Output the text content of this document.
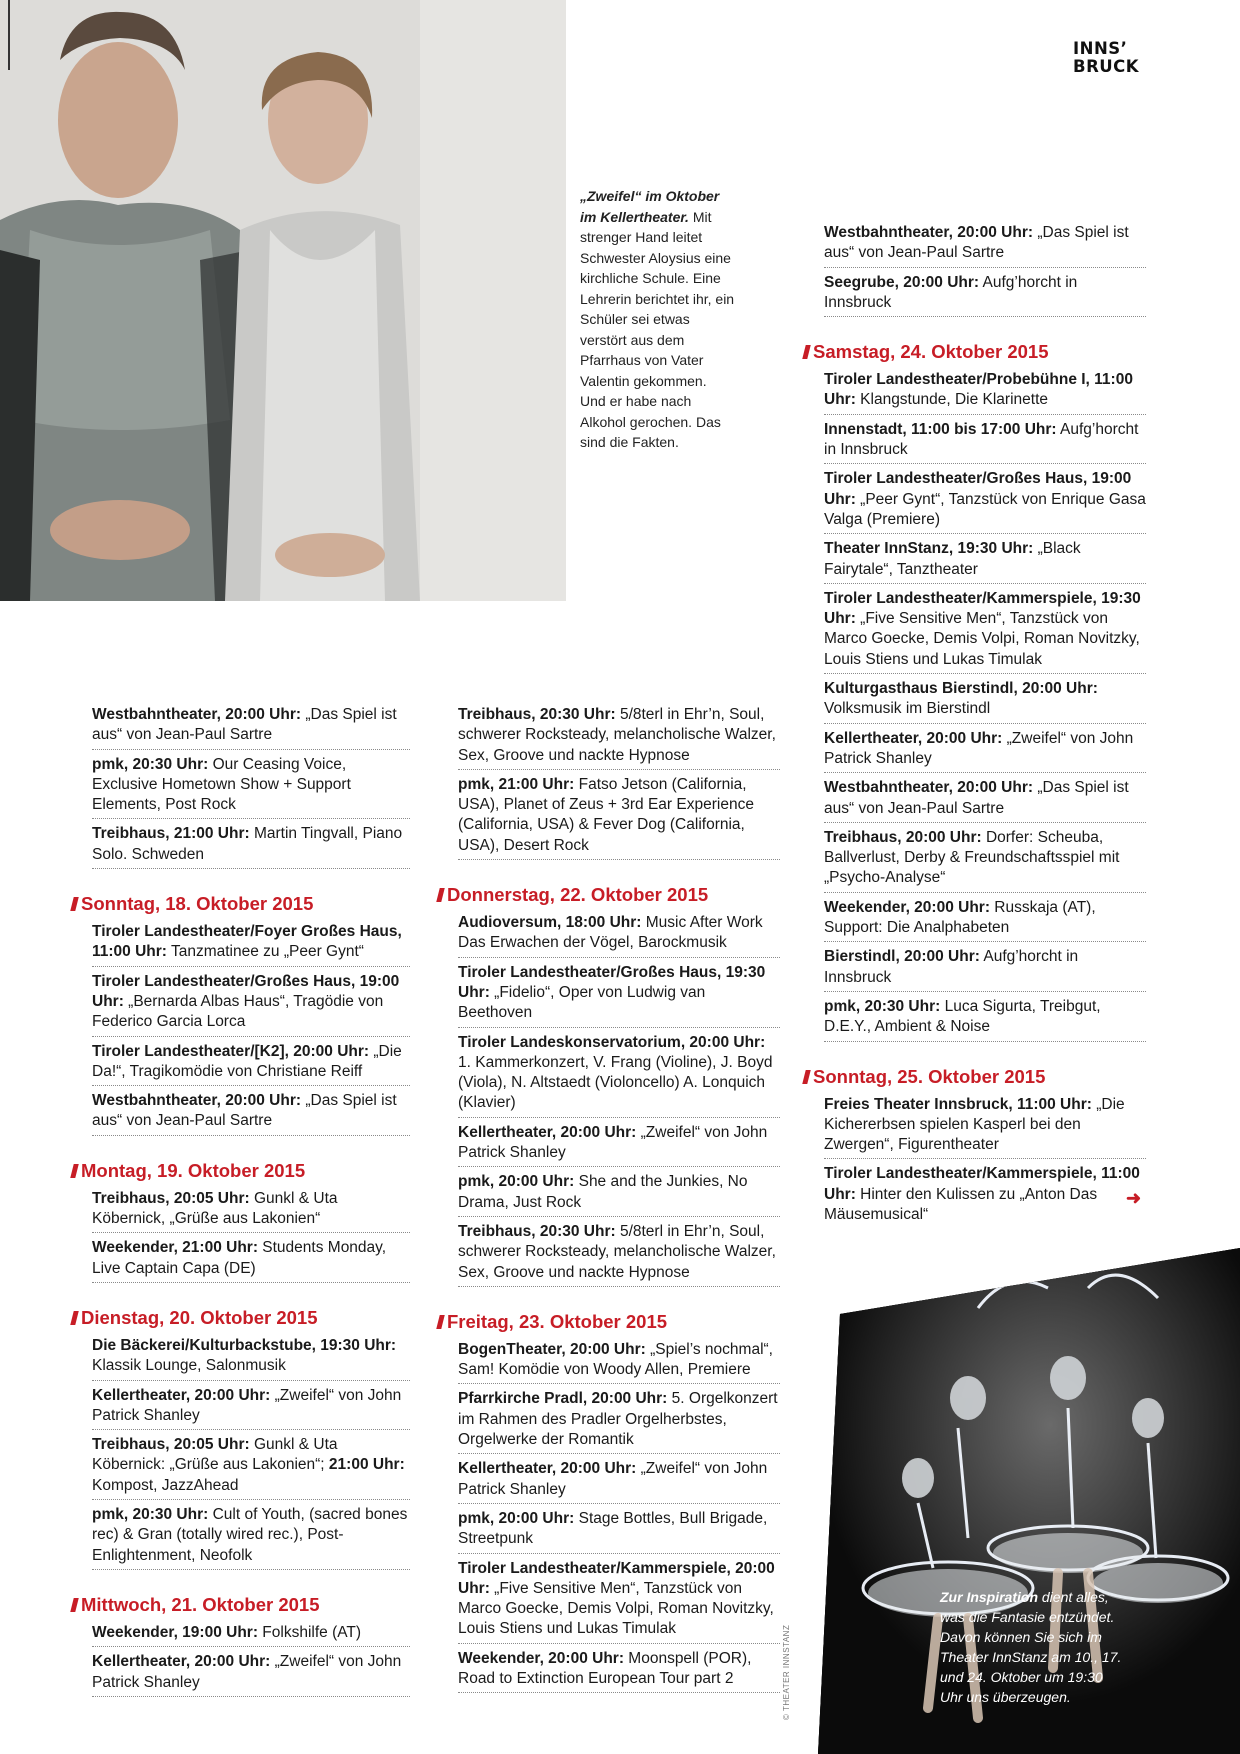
INNS’
BRUCK
„Zweifel“ im Oktober im Kellertheater. Mit strenger Hand leitet Schwester Aloysius eine kirchliche Schule. Eine Lehrerin berichtet ihr, ein Schüler sei etwas verstört aus dem Pfarrhaus von Vater Valentin gekommen. Und er habe nach Alkohol gerochen. Das sind die Fakten.
Westbahntheater, 20:00 Uhr: „Das Spiel ist aus“ von Jean-Paul Sartre
pmk, 20:30 Uhr: Our Ceasing Voice, Exclusive Hometown Show + Support Elements, Post Rock
Treibhaus, 21:00 Uhr: Martin Tingvall, Piano Solo. Schweden
Sonntag, 18. Oktober 2015
Tiroler Landestheater/Foyer Großes Haus, 11:00 Uhr: Tanzmatinee zu „Peer Gynt“
Tiroler Landestheater/Großes Haus, 19:00 Uhr: „Bernarda Albas Haus“, Tragödie von Federico Garcia Lorca
Tiroler Landestheater/[K2], 20:00 Uhr: „Die Da!“, Tragikomödie von Christiane Reiff
Westbahntheater, 20:00 Uhr: „Das Spiel ist aus“ von Jean-Paul Sartre
Montag, 19. Oktober 2015
Treibhaus, 20:05 Uhr: Gunkl & Uta Köbernick, „Grüße aus Lakonien“
Weekender, 21:00 Uhr: Students Monday, Live Captain Capa (DE)
Dienstag, 20. Oktober 2015
Die Bäckerei/Kulturbackstube, 19:30 Uhr: Klassik Lounge, Salonmusik
Kellertheater, 20:00 Uhr: „Zweifel“ von John Patrick Shanley
Treibhaus, 20:05 Uhr: Gunkl & Uta Köbernick: „Grüße aus Lakonien“; 21:00 Uhr: Kompost, JazzAhead
pmk, 20:30 Uhr: Cult of Youth, (sacred bones rec) & Gran (totally wired rec.), Post-Enlightenment, Neofolk
Mittwoch, 21. Oktober 2015
Weekender, 19:00 Uhr: Folkshilfe (AT)
Kellertheater, 20:00 Uhr: „Zweifel“ von John Patrick Shanley
Treibhaus, 20:30 Uhr: 5/8terl in Ehr’n, Soul, schwerer Rocksteady, melancholische Walzer, Sex, Groove und nackte Hypnose
pmk, 21:00 Uhr: Fatso Jetson (California, USA), Planet of Zeus + 3rd Ear Experience (California, USA) & Fever Dog (California, USA), Desert Rock
Donnerstag, 22. Oktober 2015
Audioversum, 18:00 Uhr: Music After Work Das Erwachen der Vögel, Barockmusik
Tiroler Landestheater/Großes Haus, 19:30 Uhr: „Fidelio“, Oper von Ludwig van Beethoven
Tiroler Landeskonservatorium, 20:00 Uhr: 1. Kammerkonzert, V. Frang (Violine), J. Boyd (Viola), N. Altstaedt (Violoncello) A. Lonquich (Klavier)
Kellertheater, 20:00 Uhr: „Zweifel“ von John Patrick Shanley
pmk, 20:00 Uhr: She and the Junkies, No Drama, Just Rock
Treibhaus, 20:30 Uhr: 5/8terl in Ehr’n, Soul, schwerer Rocksteady, melancholische Walzer, Sex, Groove und nackte Hypnose
Freitag, 23. Oktober 2015
BogenTheater, 20:00 Uhr: „Spiel’s nochmal“, Sam! Komödie von Woody Allen, Premiere
Pfarrkirche Pradl, 20:00 Uhr: 5. Orgelkonzert im Rahmen des Pradler Orgelherbstes, Orgelwerke der Romantik
Kellertheater, 20:00 Uhr: „Zweifel“ von John Patrick Shanley
pmk, 20:00 Uhr: Stage Bottles, Bull Brigade, Streetpunk
Tiroler Landestheater/Kammerspiele, 20:00 Uhr: „Five Sensitive Men“, Tanzstück von Marco Goecke, Demis Volpi, Roman Novitzky, Louis Stiens und Lukas Timulak
Weekender, 20:00 Uhr: Moonspell (POR), Road to Extinction European Tour part 2
Westbahntheater, 20:00 Uhr: „Das Spiel ist aus“ von Jean-Paul Sartre
Seegrube, 20:00 Uhr: Aufg’horcht in Innsbruck
Samstag, 24. Oktober 2015
Tiroler Landestheater/Probebühne I, 11:00 Uhr: Klangstunde, Die Klarinette
Innenstadt, 11:00 bis 17:00 Uhr: Aufg’horcht in Innsbruck
Tiroler Landestheater/Großes Haus, 19:00 Uhr: „Peer Gynt“, Tanzstück von Enrique Gasa Valga (Premiere)
Theater InnStanz, 19:30 Uhr: „Black Fairytale“, Tanztheater
Tiroler Landestheater/Kammerspiele, 19:30 Uhr: „Five Sensitive Men“, Tanzstück von Marco Goecke, Demis Volpi, Roman Novitzky, Louis Stiens und Lukas Timulak
Kulturgasthaus Bierstindl, 20:00 Uhr: Volksmusik im Bierstindl
Kellertheater, 20:00 Uhr: „Zweifel“ von John Patrick Shanley
Westbahntheater, 20:00 Uhr: „Das Spiel ist aus“ von Jean-Paul Sartre
Treibhaus, 20:00 Uhr: Dorfer: Scheuba, Ballverlust, Derby & Freundschaftsspiel mit „Psycho-Analyse“
Weekender, 20:00 Uhr: Russkaja (AT), Support: Die Analphabeten
Bierstindl, 20:00 Uhr: Aufg’horcht in Innsbruck
pmk, 20:30 Uhr: Luca Sigurta, Treibgut, D.E.Y., Ambient & Noise
Sonntag, 25. Oktober 2015
Freies Theater Innsbruck, 11:00 Uhr: „Die Kichererbsen spielen Kasperl bei den Zwergen“, Figurentheater
Tiroler Landestheater/Kammerspiele, 11:00 Uhr: Hinter den Kulissen zu „Anton Das Mäusemusical“
➜
Zur Inspiration dient alles, was die Fantasie entzündet. Davon können Sie sich im Theater InnStanz am 10., 17. und 24. Oktober um 19:30 Uhr uns überzeugen.
© THEATER INNSTANZ
